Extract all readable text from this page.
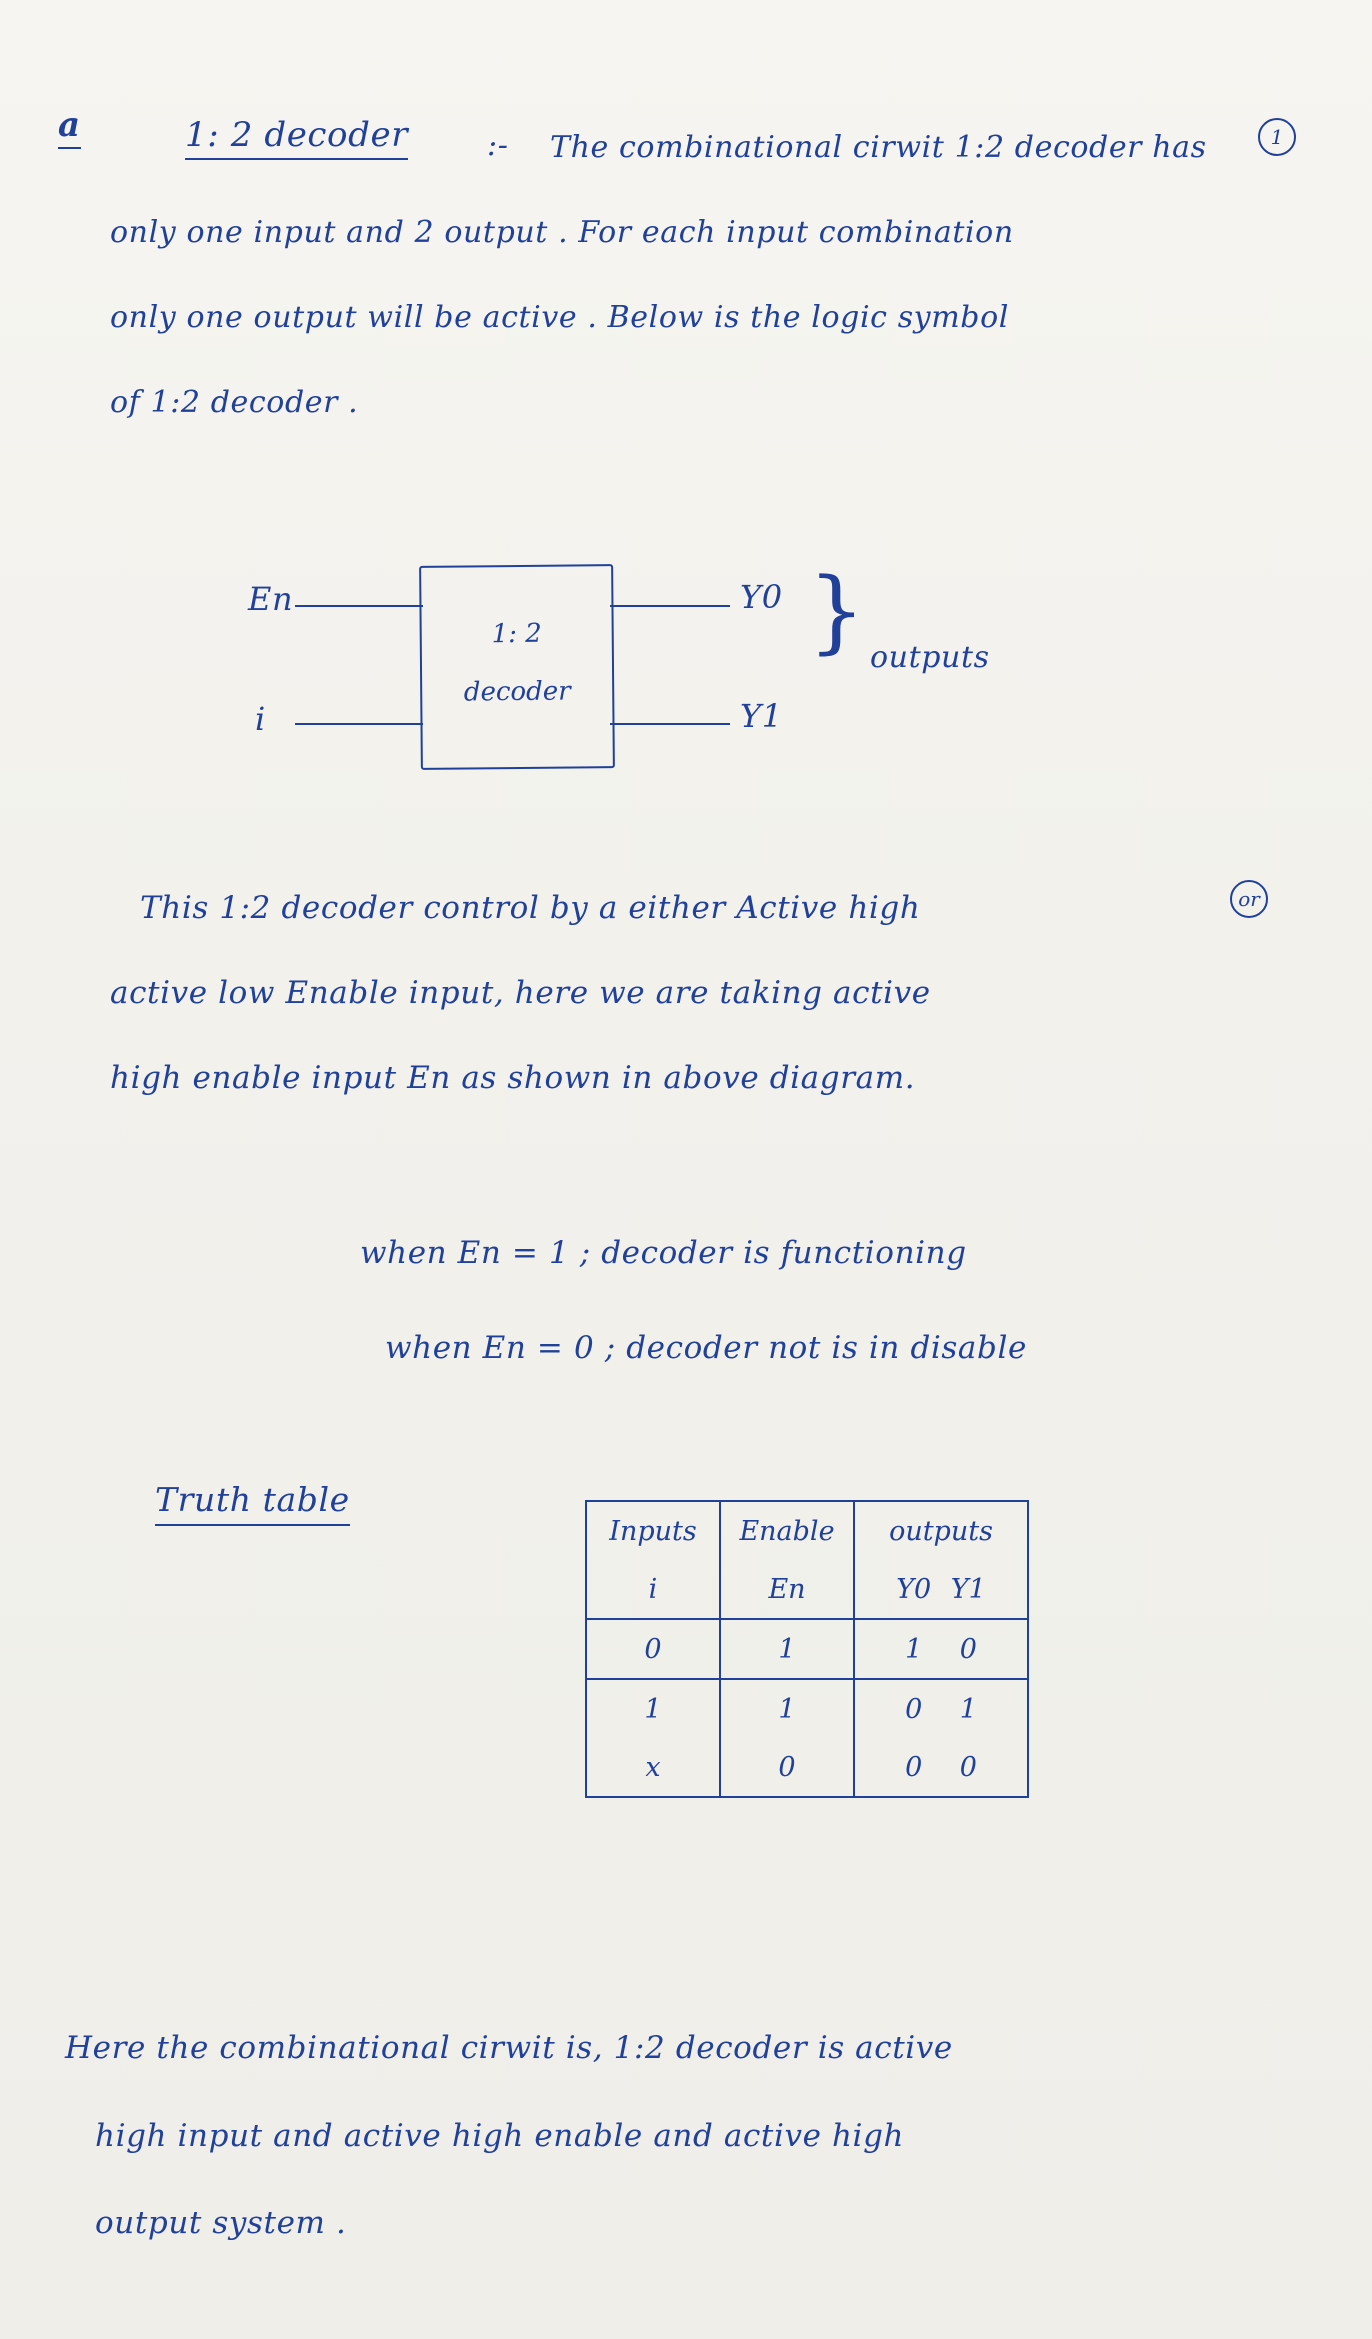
a	1
1: 2 decoder	:- The combinational cirwit 1:2 decoder has
only one input and 2 output . For each input combination
only one output will be active . Below is the logic symbol
of 1:2 decoder .
1: 2
decoder
En
i
Y0
Y1
} outputs
This 1:2 decoder control by a either Active high	or
active low Enable input, here we are taking active
high enable input En as shown in above diagram.
when En = 1 ; decoder is functioning
when En = 0 ; decoder not is in disable
Truth table
Inputs	Enable	outputs
i	En	Y0 Y1
0	1	1 0
1	1	0 1
x	0	0 0
Here the combinational cirwit is, 1:2 decoder is active
high input and active high enable and active high
output system .
